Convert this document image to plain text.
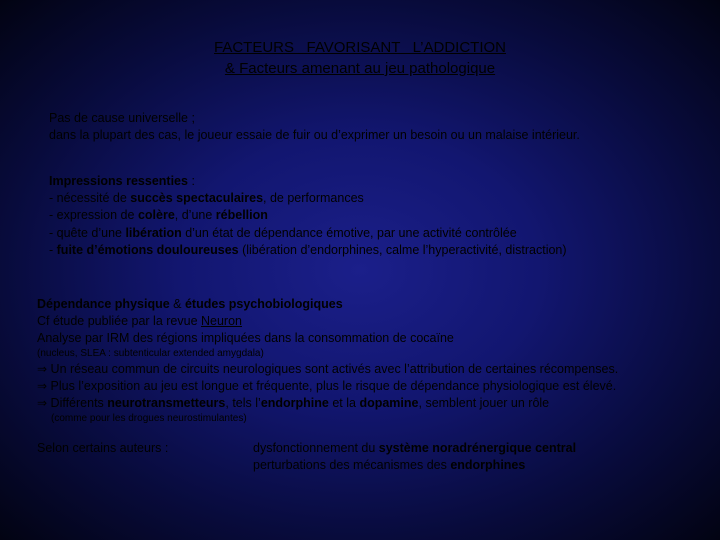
FACTEURS   FAVORISANT   L’ADDICTION
& Facteurs amenant au jeu pathologique
Pas de cause universelle ;
dans la plupart des cas, le joueur essaie de fuir ou d’exprimer un besoin ou un malaise intérieur.
Impressions ressenties :
- nécessité de succès spectaculaires, de performances
- expression de colère, d’une rébellion
- quête d’une libération d’un état de dépendance émotive, par une activité contrôlée
- fuite d’émotions douloureuses (libération d’endorphines, calme l’hyperactivité, distraction)
Dépendance physique & études psychobiologiques
Cf étude publiée par la revue Neuron
Analyse par IRM des régions impliquées dans la consommation de cocaïne
(nucleus, SLEA : subtenticular extended amygdala)
⇒ Un réseau commun de circuits neurologiques sont activés avec l’attribution de certaines récompenses.
⇒ Plus l’exposition au jeu est longue et fréquente, plus le risque de dépendance physiologique est élevé.
⇒ Différents neurotransmetteurs, tels l’endorphine et la dopamine, semblent jouer un rôle
(comme pour les drogues neurostimulantes)
Selon certains auteurs :	dysfonctionnement du système noradrénergique central
perturbations des mécanismes des endorphines
